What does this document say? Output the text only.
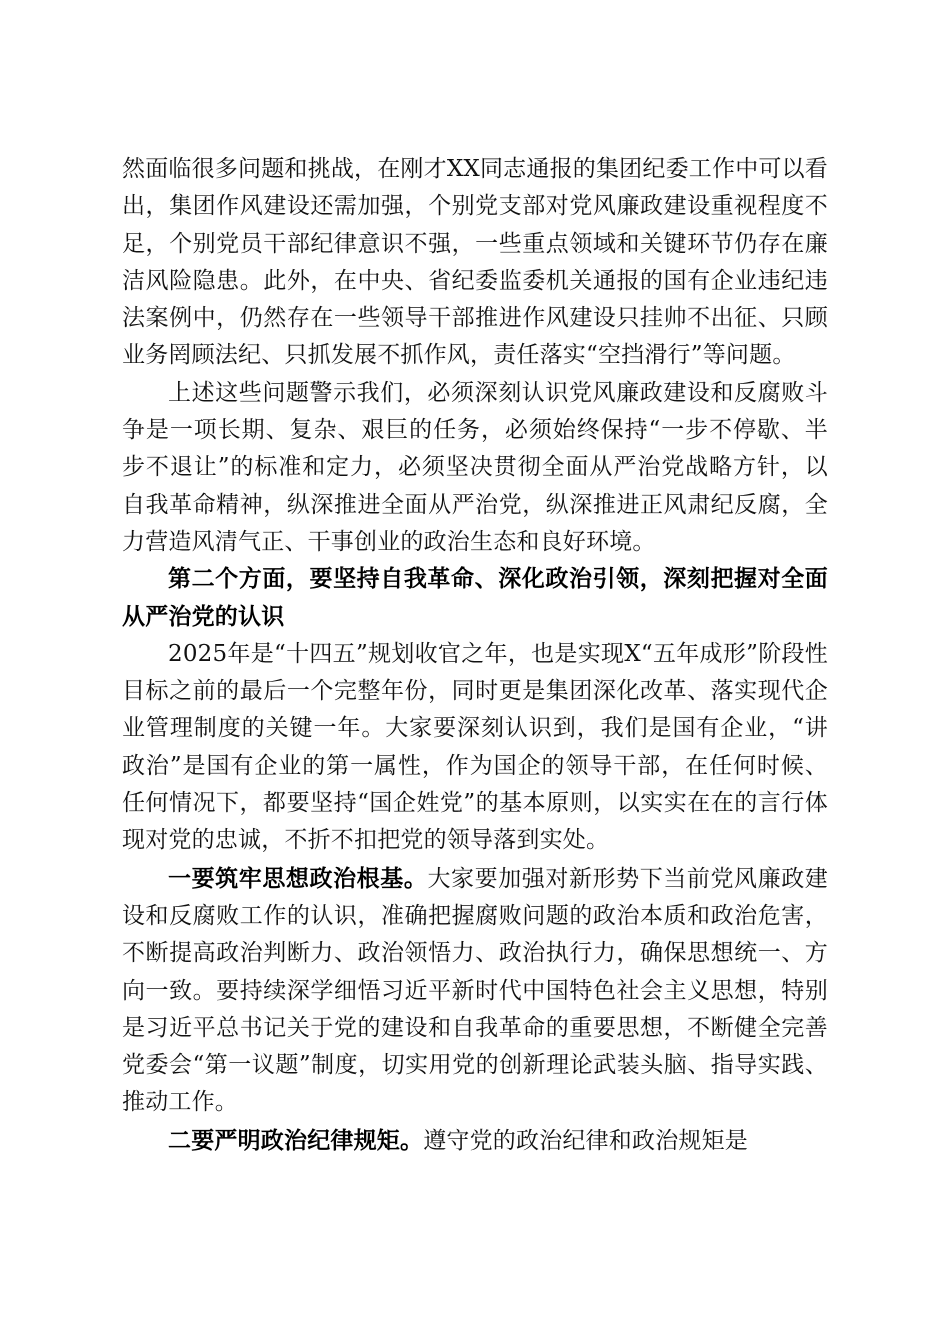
然面临很多问题和挑战，在刚才XX同志通报的集团纪委工作中可以看出，集团作风建设还需加强，个别党支部对党风廉政建设重视程度不足，个别党员干部纪律意识不强，一些重点领域和关键环节仍存在廉洁风险隐患。此外，在中央、省纪委监委机关通报的国有企业违纪违法案例中，仍然存在一些领导干部推进作风建设只挂帅不出征、只顾业务罔顾法纪、只抓发展不抓作风，责任落实“空挡滑行”等问题。

上述这些问题警示我们，必须深刻认识党风廉政建设和反腐败斗争是一项长期、复杂、艰巨的任务，必须始终保持“一步不停歇、半步不退让”的标准和定力，必须坚决贯彻全面从严治党战略方针，以自我革命精神，纵深推进全面从严治党，纵深推进正风肃纪反腐，全力营造风清气正、干事创业的政治生态和良好环境。

第二个方面，要坚持自我革命、深化政治引领，深刻把握对全面从严治党的认识

2025年是“十四五”规划收官之年，也是实现X“五年成形”阶段性目标之前的最后一个完整年份，同时更是集团深化改革、落实现代企业管理制度的关键一年。大家要深刻认识到，我们是国有企业，“讲政治”是国有企业的第一属性，作为国企的领导干部，在任何时候、任何情况下，都要坚持“国企姓党”的基本原则，以实实在在的言行体现对党的忠诚，不折不扣把党的领导落到实处。

一要筑牢思想政治根基。大家要加强对新形势下当前党风廉政建设和反腐败工作的认识，准确把握腐败问题的政治本质和政治危害，不断提高政治判断力、政治领悟力、政治执行力，确保思想统一、方向一致。要持续深学细悟习近平新时代中国特色社会主义思想，特别是习近平总书记关于党的建设和自我革命的重要思想，不断健全完善党委会“第一议题”制度，切实用党的创新理论武装头脑、指导实践、推动工作。

二要严明政治纪律规矩。遵守党的政治纪律和政治规矩是
